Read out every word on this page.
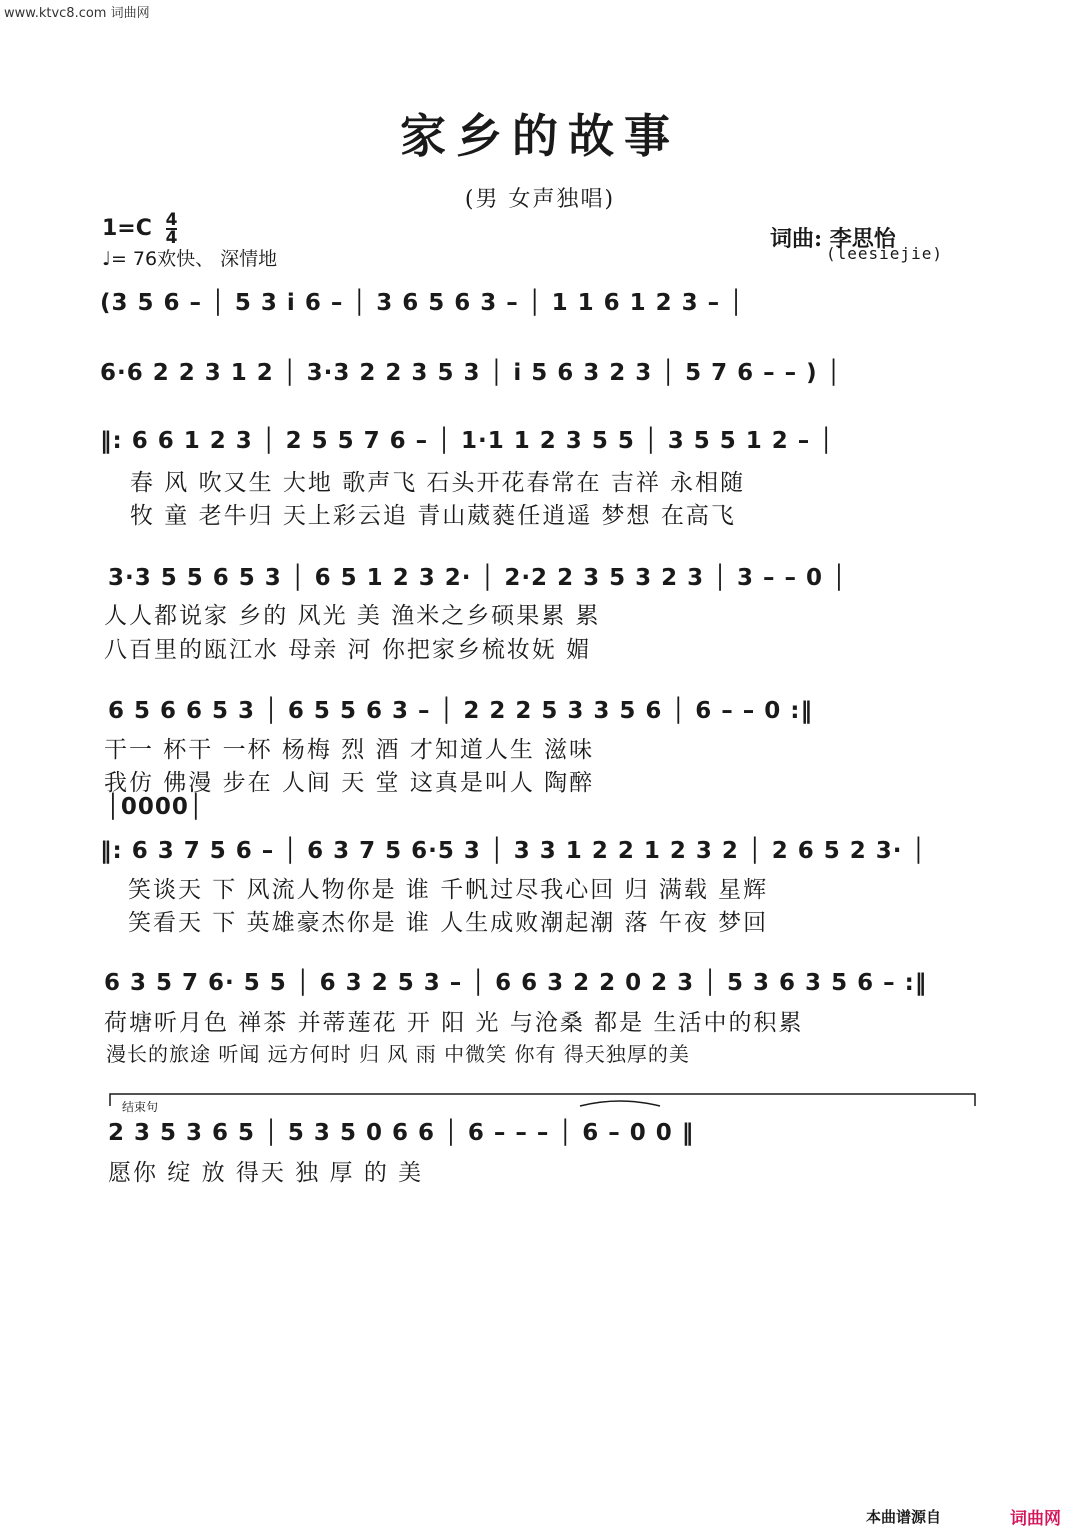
www.ktvc8.com 词曲网
家乡的故事
(男 女声独唱)
$1=C \frac{4}{4}$
♩= 76欢快、 深情地
词曲: 李思怡
(leesiejie)
(3 5 6 – │ 5 3 i 6 – │ 3 6 5 6 3 – │ 1 1 6 1 2 3 – │
6·6 2 2 3 1 2 │ 3·3 2 2 3 5 3 │ i 5 6 3 2 3 │ 5 7 6 – – ) │
‖: 6 6 1 2 3 │ 2 5 5 7 6 – │ 1·1 1 2 3 5 5 │ 3 5 5 1 2 – │
春 风 吹又生 大地 歌声飞 石头开花春常在 吉祥 永相随
牧 童 老牛归 天上彩云追 青山葳蕤任逍遥 梦想 在高飞
3·3 5 5 6 5 3 │ 6 5 1 2 3 2· │ 2·2 2 3 5 3 2 3 │ 3 – – 0 │
人人都说家 乡的 风光 美 渔米之乡硕果累 累
八百里的瓯江水 母亲 河 你把家乡梳妆妩 媚
6 5 6 6 5 3 │ 6 5 5 6 3 – │ 2 2 2 5 3 3 5 6 │ 6 – – 0 :‖
干一 杯干 一杯 杨梅 烈 酒 才知道人生 滋味
我仿 佛漫 步在 人间 天 堂 这真是叫人 陶醉
│0000│
‖: 6 3 7 5 6 – │ 6 3 7 5 6·5 3 │ 3 3 1 2 2 1 2 3 2 │ 2 6 5 2 3· │
笑谈天 下 风流人物你是 谁 千帆过尽我心回 归 满载 星辉
笑看天 下 英雄豪杰你是 谁 人生成败潮起潮 落 午夜 梦回
6 3 5 7 6· 5 5 │ 6 3 2 5 3 – │ 6 6 3 2 2 0 2 3 │ 5 3 6 3 5 6 – :‖
荷塘听月色 禅茶 并蒂莲花 开 阳 光 与沧桑 都是 生活中的积累
漫长的旅途 听闻 远方何时 归 风 雨 中微笑 你有 得天独厚的美
结束句
2 3 5 3 6 5 │ 5 3 5 0 6 6 │ 6 – – – │ 6 – 0 0 ‖
愿你 绽 放 得天 独 厚 的 美
本曲谱源自	词曲网
